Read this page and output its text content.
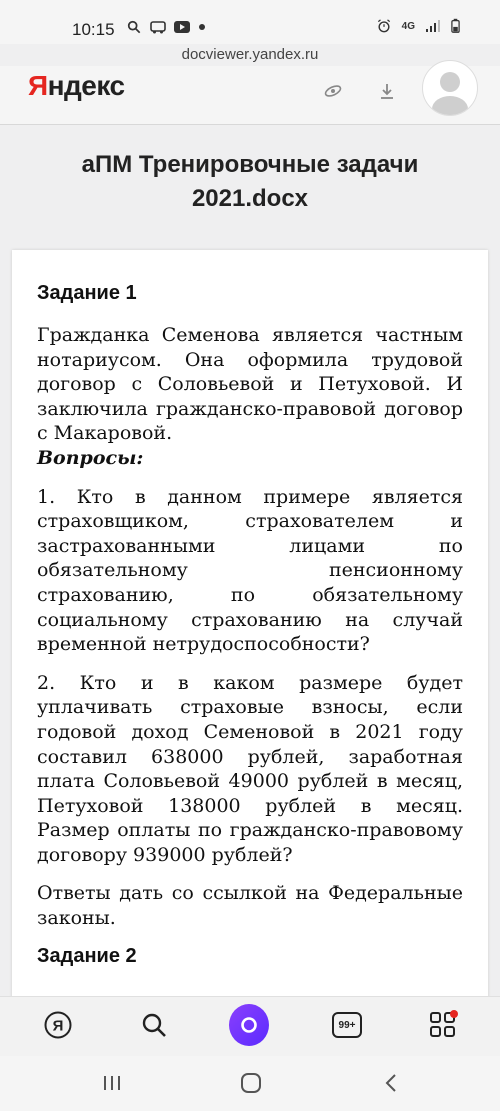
10:15	4G
docviewer.yandex.ru
Яндекс
аПМ Тренировочные задачи 2021.docx
Задание 1

Гражданка Семенова является частным нотариусом. Она оформила трудовой договор с Соловьевой и Петуховой. И заключила гражданско-правовой договор с Макаровой.
Вопросы:

1. Кто в данном примере является страховщиком, страхователем и застрахованными лицами по обязательному пенсионному страхованию, по обязательному социальному страхованию на случай временной нетрудоспособности?

2. Кто и в каком размере будет уплачивать страховые взносы, если годовой доход Семеновой в 2021 году составил 638000 рублей, заработная плата Соловьевой 49000 рублей в месяц, Петуховой 138000 рублей в месяц. Размер оплаты по гражданско-правовому договору 939000 рублей?

Ответы дать со ссылкой на Федеральные законы.

Задание 2
Я	99+
